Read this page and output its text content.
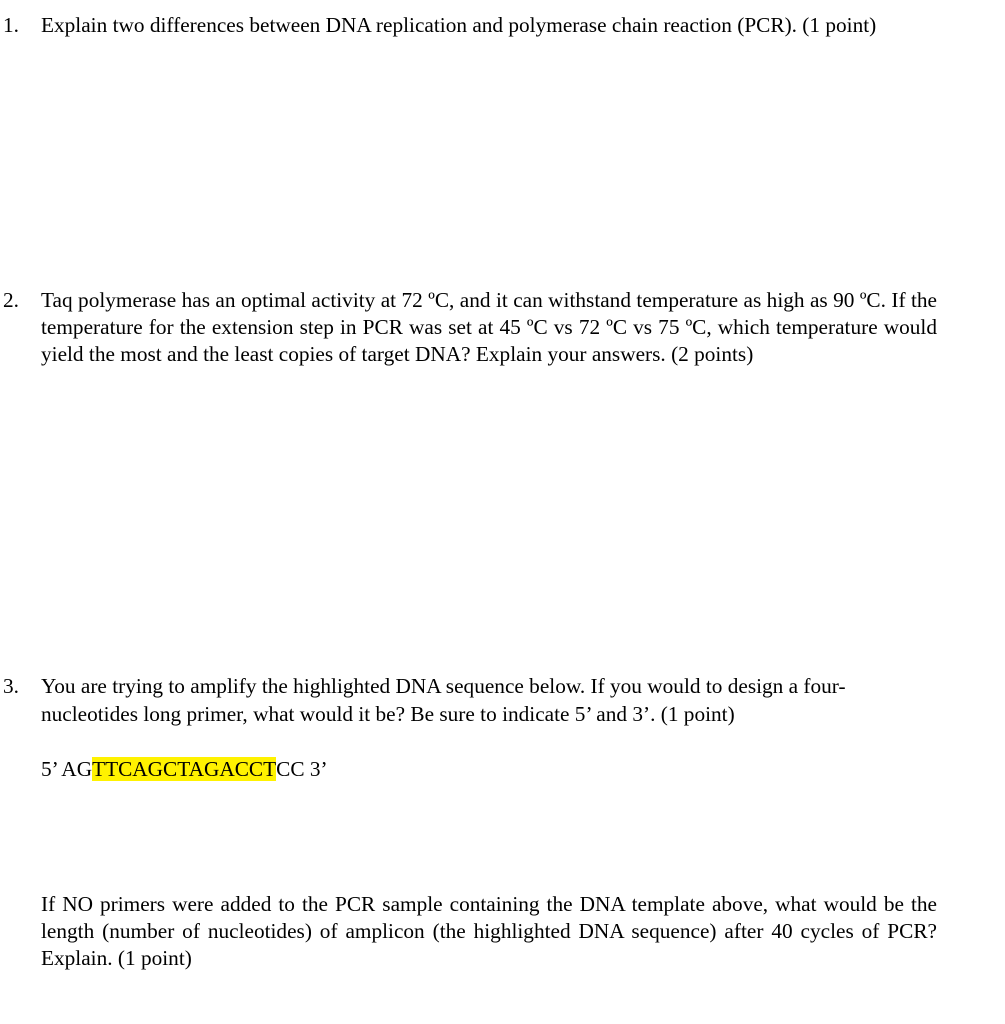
1. Explain two differences between DNA replication and polymerase chain reaction (PCR). (1 point)
2. Taq polymerase has an optimal activity at 72 ºC, and it can withstand temperature as high as 90 ºC. If the temperature for the extension step in PCR was set at 45 ºC vs 72 ºC vs 75 ºC, which temperature would yield the most and the least copies of target DNA? Explain your answers. (2 points)
3. You are trying to amplify the highlighted DNA sequence below. If you would to design a four-
nucleotides long primer, what would it be? Be sure to indicate 5’ and 3’. (1 point)
5’ AGTTCAGCTAGACCTCC 3’
If NO primers were added to the PCR sample containing the DNA template above, what would be the length (number of nucleotides) of amplicon (the highlighted DNA sequence) after 40 cycles of PCR? Explain. (1 point)
